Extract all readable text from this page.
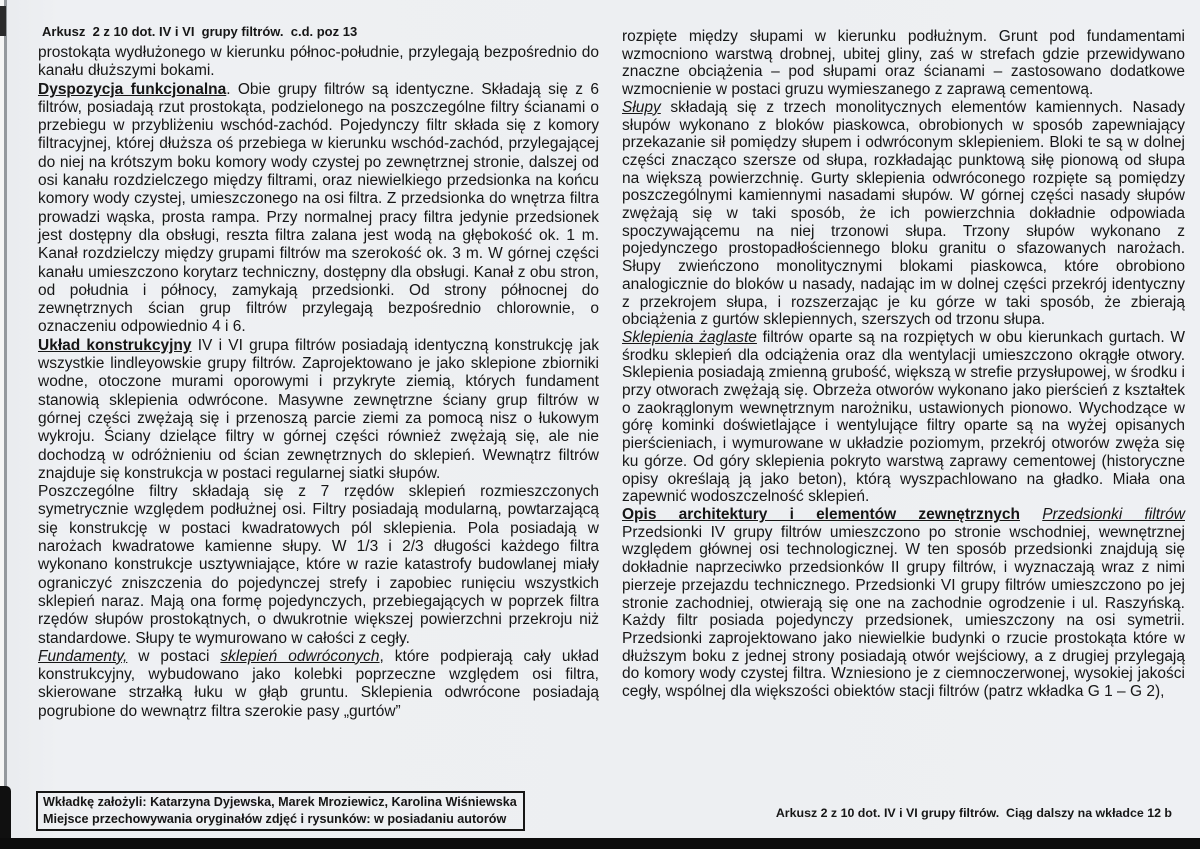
Arkusz  2 z 10 dot. IV i VI  grupy filtrów.  c.d. poz 13

prostokąta wydłużonego w kierunku północ-południe, przylegają bezpośrednio do kanału dłuższymi bokami.

Dyspozycja funkcjonalna. Obie grupy filtrów są identyczne. Składają się z 6 filtrów, posiadają rzut prostokąta, podzielonego na poszczególne filtry ścianami o przebiegu w przybliżeniu wschód-zachód. Pojedynczy filtr składa się z komory filtracyjnej, której dłuższa oś przebiega w kierunku wschód-zachód, przylegającej do niej na krótszym boku komory wody czystej po zewnętrznej stronie, dalszej od osi kanału rozdzielczego między filtrami, oraz niewielkiego przedsionka na końcu komory wody czystej, umieszczonego na osi filtra. Z przedsionka do wnętrza filtra prowadzi wąska, prosta rampa. Przy normalnej pracy filtra jedynie przedsionek jest dostępny dla obsługi, reszta filtra zalana jest wodą na głębokość ok. 1 m. Kanał rozdzielczy między grupami filtrów ma szerokość ok. 3 m. W górnej części kanału umieszczono korytarz techniczny, dostępny dla obsługi. Kanał z obu stron, od południa i północy, zamykają przedsionki. Od strony północnej do zewnętrznych ścian grup filtrów przylegają bezpośrednio chlorownie, o oznaczeniu odpowiednio 4 i 6.

Układ konstrukcyjny IV i VI grupa filtrów posiadają identyczną konstrukcję jak wszystkie lindleyowskie grupy filtrów. Zaprojektowano je jako sklepione zbiorniki wodne, otoczone murami oporowymi i przykryte ziemią, których fundament stanowią sklepienia odwrócone. Masywne zewnętrzne ściany grup filtrów w górnej części zwężają się i przenoszą parcie ziemi za pomocą nisz o łukowym wykroju. Ściany dzielące filtry w górnej części również zwężają się, ale nie dochodzą w odróżnieniu od ścian zewnętrznych do sklepień. Wewnątrz filtrów znajduje się konstrukcja w postaci regularnej siatki słupów.

Poszczególne filtry składają się z 7 rzędów sklepień rozmieszczonych symetrycznie względem podłużnej osi. Filtry posiadają modularną, powtarzającą się konstrukcję w postaci kwadratowych pól sklepienia. Pola posiadają w narożach kwadratowe kamienne słupy. W 1/3 i 2/3 długości każdego filtra wykonano konstrukcje usztywniające, które w razie katastrofy budowlanej miały ograniczyć zniszczenia do pojedynczej strefy i zapobiec runięciu wszystkich sklepień naraz. Mają ona formę pojedynczych, przebiegających w poprzek filtra rzędów słupów prostokątnych, o dwukrotnie większej powierzchni przekroju niż standardowe. Słupy te wymurowano w całości z cegły.

Fundamenty, w postaci sklepień odwróconych, które podpierają cały układ konstrukcyjny, wybudowano jako kolebki poprzeczne względem osi filtra, skierowane strzałką łuku w głąb gruntu. Sklepienia odwrócone posiadają pogrubione do wewnątrz filtra szerokie pasy „gurtów”

rozpięte między słupami w kierunku podłużnym. Grunt pod fundamentami wzmocniono warstwą drobnej, ubitej gliny, zaś w strefach gdzie przewidywano znaczne obciążenia – pod słupami oraz ścianami – zastosowano dodatkowe wzmocnienie w postaci gruzu wymieszanego z zaprawą cementową.

Słupy składają się z trzech monolitycznych elementów kamiennych. Nasady słupów wykonano z bloków piaskowca, obrobionych w sposób zapewniający przekazanie sił pomiędzy słupem i odwróconym sklepieniem. Bloki te są w dolnej części znacząco szersze od słupa, rozkładając punktową siłę pionową od słupa na większą powierzchnię. Gurty sklepienia odwróconego rozpięte są pomiędzy poszczególnymi kamiennymi nasadami słupów. W górnej części nasady słupów zwężają się w taki sposób, że ich powierzchnia dokładnie odpowiada spoczywającemu na niej trzonowi słupa. Trzony słupów wykonano z pojedynczego prostopadłościennego bloku granitu o sfazowanych narożach. Słupy zwieńczono monolitycznymi blokami piaskowca, które obrobiono analogicznie do bloków u nasady, nadając im w dolnej części przekrój identyczny z przekrojem słupa, i rozszerzając je ku górze w taki sposób, że zbierają obciążenia z gurtów sklepiennych, szerszych od trzonu słupa.

Sklepienia żaglaste filtrów oparte są na rozpiętych w obu kierunkach gurtach. W środku sklepień dla odciążenia oraz dla wentylacji umieszczono okrągłe otwory. Sklepienia posiadają zmienną grubość, większą w strefie przysłupowej, w środku i przy otworach zwężają się. Obrzeża otworów wykonano jako pierścień z kształtek o zaokrąglonym wewnętrznym narożniku, ustawionych pionowo. Wychodzące w górę kominki doświetlające i wentylujące filtry oparte są na wyżej opisanych pierścieniach, i wymurowane w układzie poziomym, przekrój otworów zwęża się ku górze. Od góry sklepienia pokryto warstwą zaprawy cementowej (historyczne opisy określają ją jako beton), którą wyszpachlowano na gładko. Miała ona zapewnić wodoszczelność sklepień.

Opis architektury i elementów zewnętrznych Przedsionki filtrów

Przedsionki IV grupy filtrów umieszczono po stronie wschodniej, wewnętrznej względem głównej osi technologicznej. W ten sposób przedsionki znajdują się dokładnie naprzeciwko przedsionków II grupy filtrów, i wyznaczają wraz z nimi pierzeje przejazdu technicznego. Przedsionki VI grupy filtrów umieszczono po jej stronie zachodniej, otwierają się one na zachodnie ogrodzenie i ul. Raszyńską. Każdy filtr posiada pojedynczy przedsionek, umieszczony na osi symetrii. Przedsionki zaprojektowano jako niewielkie budynki o rzucie prostokąta które w dłuższym boku z jednej strony posiadają otwór wejściowy, a z drugiej przylegają do komory wody czystej filtra. Wzniesiono je z ciemnoczerwonej, wysokiej jakości cegły, wspólnej dla większości obiektów stacji filtrów (patrz wkładka G 1 – G 2),

Wkładkę założyli: Katarzyna Dyjewska, Marek Mroziewicz, Karolina Wiśniewska
Miejsce przechowywania oryginałów zdjęć i rysunków: w posiadaniu autorów	Arkusz 2 z 10 dot. IV i VI grupy filtrów.  Ciąg dalszy na wkładce 12 b
